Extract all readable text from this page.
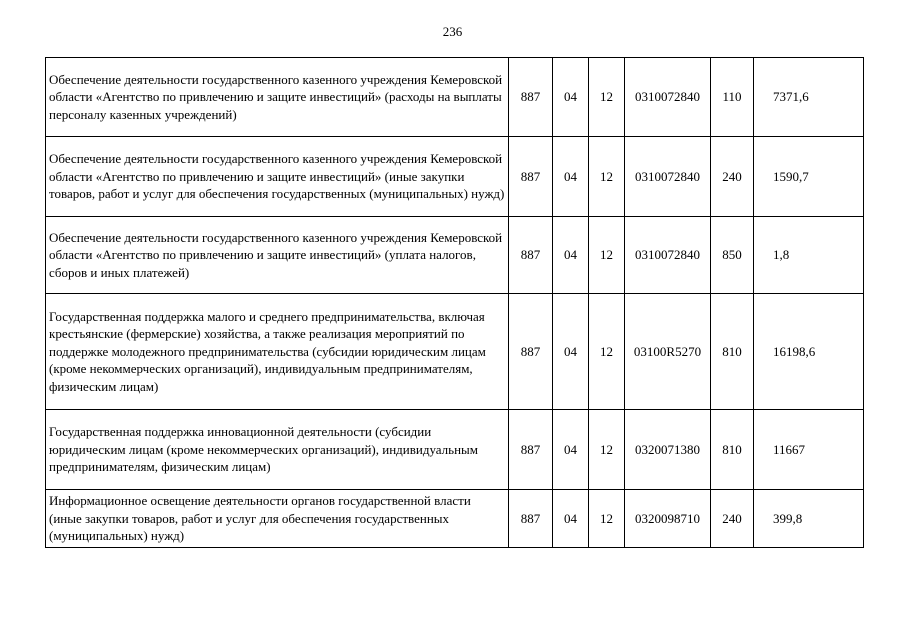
236
Обеспечение деятельности государственного казенного учреждения Кемеровской области «Агентство по привлечению и защите инвестиций» (расходы на выплаты персоналу казенных учреждений)	887	04	12	0310072840	110	7371,6
Обеспечение деятельности государственного казенного учреждения Кемеровской области «Агентство по привлечению и защите инвестиций» (иные закупки товаров, работ и услуг для обеспечения государственных (муниципальных) нужд)	887	04	12	0310072840	240	1590,7
Обеспечение деятельности государственного казенного учреждения Кемеровской области «Агентство по привлечению и защите инвестиций» (уплата налогов, сборов и иных платежей)	887	04	12	0310072840	850	1,8
Государственная поддержка малого и среднего предпринимательства, включая крестьянские (фермерские) хозяйства, а также реализация мероприятий по поддержке молодежного предпринимательства (субсидии юридическим лицам (кроме некоммерческих организаций), индивидуальным предпринимателям, физическим лицам)	887	04	12	03100R5270	810	16198,6
Государственная поддержка инновационной деятельности (субсидии юридическим лицам (кроме некоммерческих организаций), индивидуальным предпринимателям, физическим лицам)	887	04	12	0320071380	810	11667
Информационное освещение деятельности органов государственной власти (иные закупки товаров, работ и услуг для обеспечения государственных (муниципальных) нужд)	887	04	12	0320098710	240	399,8
